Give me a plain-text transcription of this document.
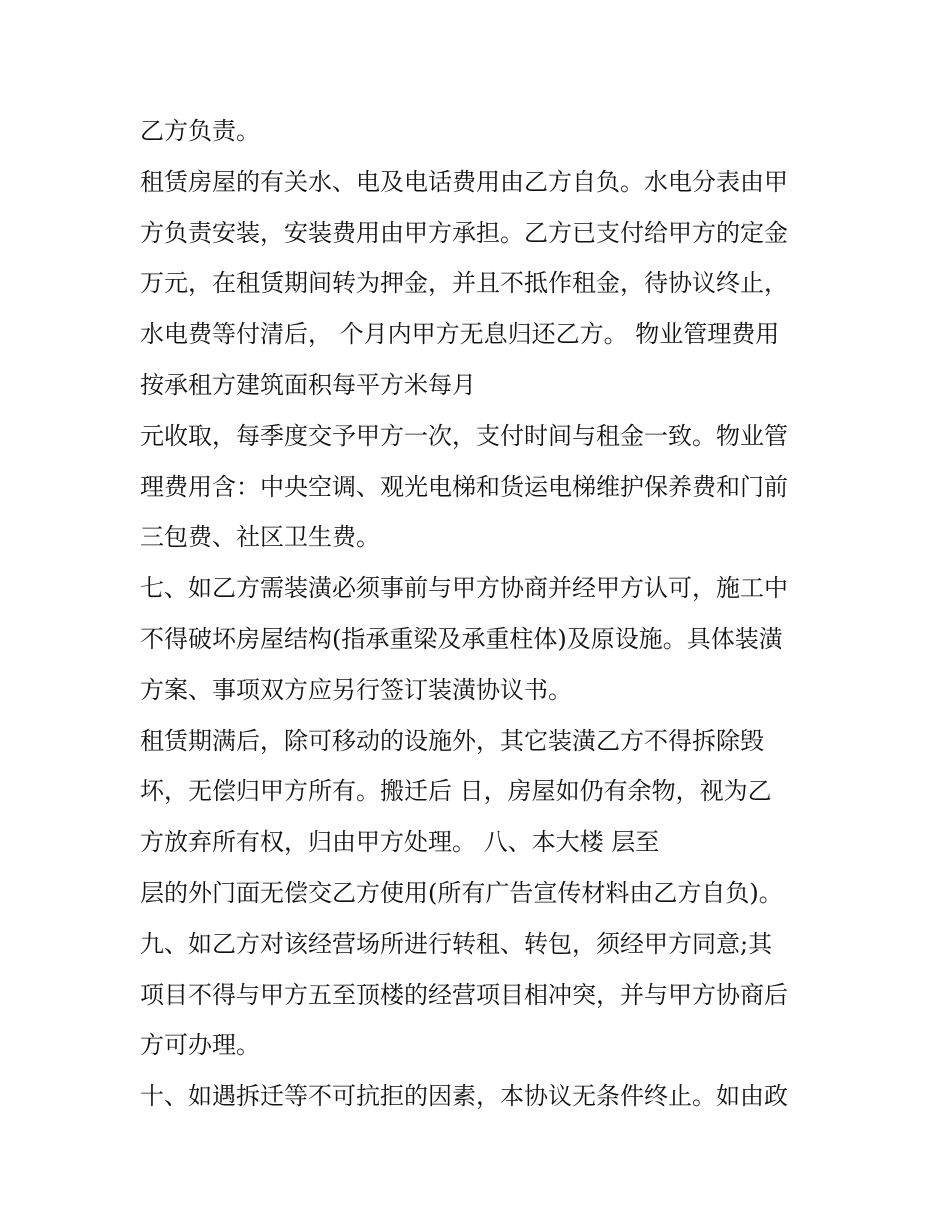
乙方负责。
租赁房屋的有关水、电及电话费用由乙方自负。水电分表由甲
方负责安装，安装费用由甲方承担。乙方已支付给甲方的定金
万元，在租赁期间转为押金，并且不抵作租金，待协议终止，
水电费等付清后， 个月内甲方无息归还乙方。 物业管理费用
按承租方建筑面积每平方米每月
元收取，每季度交予甲方一次，支付时间与租金一致。物业管
理费用含：中央空调、观光电梯和货运电梯维护保养费和门前
三包费、社区卫生费。
七、如乙方需装潢必须事前与甲方协商并经甲方认可，施工中
不得破坏房屋结构(指承重梁及承重柱体)及原设施。具体装潢
方案、事项双方应另行签订装潢协议书。
租赁期满后，除可移动的设施外，其它装潢乙方不得拆除毁
坏，无偿归甲方所有。搬迁后 日，房屋如仍有余物，视为乙
方放弃所有权，归由甲方处理。 八、本大楼 层至
层的外门面无偿交乙方使用(所有广告宣传材料由乙方自负)。
九、如乙方对该经营场所进行转租、转包，须经甲方同意;其
项目不得与甲方五至顶楼的经营项目相冲突，并与甲方协商后
方可办理。
十、如遇拆迁等不可抗拒的因素，本协议无条件终止。如由政
